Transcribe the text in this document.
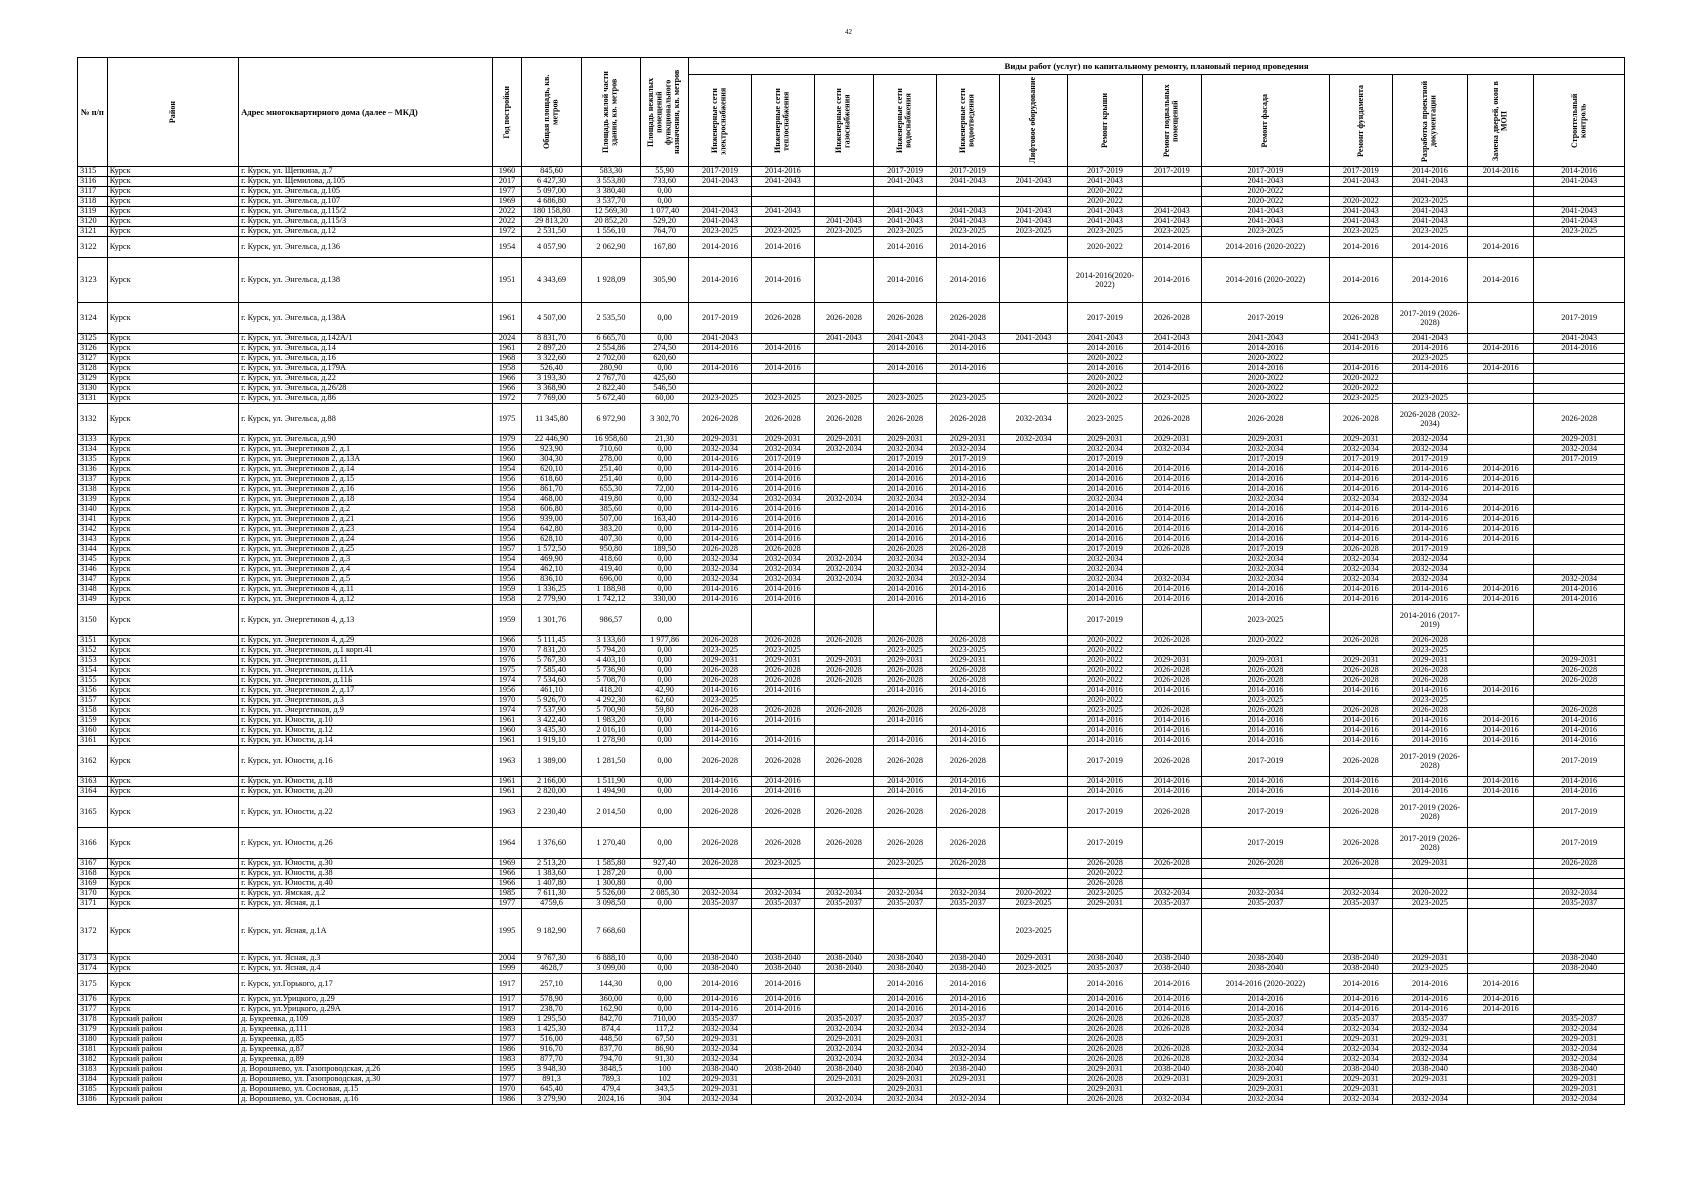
42
№ п/п	Район	Адрес многоквартирного дома (далее – МКД)	Год постройки	Общая площадь, кв. метров	Площадь жилой части здания, кв. метров	Площадь нежилых помещений функционального назначения, кв. метров	Виды работ (услуг) по капитальному ремонту, плановый период проведения												

							Инженерные сети электроснабжения	Инженерные сети теплоснабжения	Инженерные сети газоснабжения	Инженерные сети водоснабжения	Инженерные сети водоотведения	Лифтовое оборудование	Ремонт крыши	Ремонт подвальных помещений	Ремонт фасада	Ремонт фундамента	Разработка проектной документации	Замена дверей, окон в МОП	Строительный контроль

3115	Курск	г. Курск, ул. Щепкина, д.7	1960	845,60	583,30	55,90	2017-2019	2014-2016		2017-2019	2017-2019		2017-2019	2017-2019	2017-2019	2017-2019	2014-2016	2014-2016	2014-2016
3116	Курск	г. Курск, ул. Щемилова, д.105	2017	6 427,30	3 553,80	733,60	2041-2043	2041-2043		2041-2043	2041-2043	2041-2043	2041-2043		2041-2043	2041-2043	2041-2043		2041-2043
3117	Курск	г. Курск, ул. Энгельса, д.105	1977	5 097,00	3 380,40	0,00							2020-2022		2020-2022				
3118	Курск	г. Курск, ул. Энгельса, д.107	1969	4 686,80	3 537,70	0,00							2020-2022		2020-2022	2020-2022	2023-2025		
3119	Курск	г. Курск, ул. Энгельса, д.115/2	2022	180 158,80	12 569,30	1 077,40	2041-2043	2041-2043		2041-2043	2041-2043	2041-2043	2041-2043	2041-2043	2041-2043	2041-2043	2041-2043		2041-2043
3120	Курск	г. Курск, ул. Энгельса, д.115/3	2022	29 813,20	20 852,20	529,20	2041-2043		2041-2043	2041-2043	2041-2043	2041-2043	2041-2043	2041-2043	2041-2043	2041-2043	2041-2043		2041-2043
3121	Курск	г. Курск, ул. Энгельса, д.12	1972	2 531,50	1 556,10	764,70	2023-2025	2023-2025	2023-2025	2023-2025	2023-2025	2023-2025	2023-2025	2023-2025	2023-2025	2023-2025	2023-2025		2023-2025
3122	Курск	г. Курск, ул. Энгельса, д.136	1954	4 057,90	2 062,90	167,80	2014-2016	2014-2016		2014-2016	2014-2016		2020-2022	2014-2016	2014-2016 (2020-2022)	2014-2016	2014-2016	2014-2016	
3123	Курск	г. Курск, ул. Энгельса, д.138	1951	4 343,69	1 928,09	305,90	2014-2016	2014-2016		2014-2016	2014-2016		2014-2016(2020-2022)	2014-2016	2014-2016 (2020-2022)	2014-2016	2014-2016	2014-2016	
3124	Курск	г. Курск, ул. Энгельса, д.138А	1961	4 507,00	2 535,50	0,00	2017-2019	2026-2028	2026-2028	2026-2028	2026-2028		2017-2019	2026-2028	2017-2019	2026-2028	2017-2019 (2026-2028)		2017-2019
3125	Курск	г. Курск, ул. Энгельса, д.142А/1	2024	8 831,70	6 665,70	0,00	2041-2043		2041-2043	2041-2043	2041-2043	2041-2043	2041-2043	2041-2043	2041-2043	2041-2043	2041-2043		2041-2043
3126	Курск	г. Курск, ул. Энгельса, д.14	1961	2 897,20	2 554,86	274,50	2014-2016	2014-2016		2014-2016	2014-2016		2014-2016	2014-2016	2014-2016	2014-2016	2014-2016	2014-2016	2014-2016
3127	Курск	г. Курск, ул. Энгельса, д.16	1968	3 322,60	2 702,00	620,60							2020-2022		2020-2022		2023-2025		
3128	Курск	г. Курск, ул. Энгельса, д.179А	1958	526,40	280,90	0,00	2014-2016	2014-2016		2014-2016	2014-2016		2014-2016	2014-2016	2014-2016	2014-2016	2014-2016	2014-2016	
3129	Курск	г. Курск, ул. Энгельса, д.22	1966	3 193,30	2 767,70	425,60							2020-2022		2020-2022	2020-2022			
3130	Курск	г. Курск, ул. Энгельса, д.26/28	1966	3 368,90	2 822,40	546,50							2020-2022		2020-2022	2020-2022			
3131	Курск	г. Курск, ул. Энгельса, д.86	1972	7 769,00	5 672,40	60,00	2023-2025	2023-2025	2023-2025	2023-2025	2023-2025		2020-2022	2023-2025	2020-2022	2023-2025	2023-2025		
3132	Курск	г. Курск, ул. Энгельса, д.88	1975	11 345,80	6 972,90	3 302,70	2026-2028	2026-2028	2026-2028	2026-2028	2026-2028	2032-2034	2023-2025	2026-2028	2026-2028	2026-2028	2026-2028 (2032-2034)		2026-2028
3133	Курск	г. Курск, ул. Энгельса, д.90	1979	22 446,90	16 958,60	21,30	2029-2031	2029-2031	2029-2031	2029-2031	2029-2031	2032-2034	2029-2031	2029-2031	2029-2031	2029-2031	2032-2034		2029-2031
3134	Курск	г. Курск, ул. Энергетиков 2, д.1	1956	923,90	710,60	0,00	2032-2034	2032-2034	2032-2034	2032-2034	2032-2034		2032-2034	2032-2034	2032-2034	2032-2034	2032-2034		2032-2034
3135	Курск	г. Курск, ул. Энергетиков 2, д.13А	1960	304,30	278,00	0,00	2014-2016	2017-2019		2017-2019	2017-2019		2017-2019		2017-2019	2017-2019	2017-2019		2017-2019
3136	Курск	г. Курск, ул. Энергетиков 2, д.14	1954	620,10	251,40	0,00	2014-2016	2014-2016		2014-2016	2014-2016		2014-2016	2014-2016	2014-2016	2014-2016	2014-2016	2014-2016	
3137	Курск	г. Курск, ул. Энергетиков 2, д.15	1956	618,60	251,40	0,00	2014-2016	2014-2016		2014-2016	2014-2016		2014-2016	2014-2016	2014-2016	2014-2016	2014-2016	2014-2016	
3138	Курск	г. Курск, ул. Энергетиков 2, д.16	1956	861,70	655,30	72,00	2014-2016	2014-2016		2014-2016	2014-2016		2014-2016	2014-2016	2014-2016	2014-2016	2014-2016	2014-2016	
3139	Курск	г. Курск, ул. Энергетиков 2, д.18	1954	468,00	419,80	0,00	2032-2034	2032-2034	2032-2034	2032-2034	2032-2034		2032-2034		2032-2034	2032-2034	2032-2034		
3140	Курск	г. Курск, ул. Энергетиков 2, д.2	1958	606,80	385,60	0,00	2014-2016	2014-2016		2014-2016	2014-2016		2014-2016	2014-2016	2014-2016	2014-2016	2014-2016	2014-2016	
3141	Курск	г. Курск, ул. Энергетиков 2, д.21	1956	939,00	507,00	163,40	2014-2016	2014-2016		2014-2016	2014-2016		2014-2016	2014-2016	2014-2016	2014-2016	2014-2016	2014-2016	
3142	Курск	г. Курск, ул. Энергетиков 2, д.23	1954	642,80	383,20	0,00	2014-2016	2014-2016		2014-2016	2014-2016		2014-2016	2014-2016	2014-2016	2014-2016	2014-2016	2014-2016	
3143	Курск	г. Курск, ул. Энергетиков 2, д.24	1956	628,10	407,30	0,00	2014-2016	2014-2016		2014-2016	2014-2016		2014-2016	2014-2016	2014-2016	2014-2016	2014-2016	2014-2016	
3144	Курск	г. Курск, ул. Энергетиков 2, д.25	1957	1 572,50	950,80	189,50	2026-2028	2026-2028		2026-2028	2026-2028		2017-2019	2026-2028	2017-2019	2026-2028	2017-2019		
3145	Курск	г. Курск, ул. Энергетиков 2, д.3	1954	469,90	418,60	0,00	2032-2034	2032-2034	2032-2034	2032-2034	2032-2034		2032-2034		2032-2034	2032-2034	2032-2034		
3146	Курск	г. Курск, ул. Энергетиков 2, д.4	1954	462,10	419,40	0,00	2032-2034	2032-2034	2032-2034	2032-2034	2032-2034		2032-2034		2032-2034	2032-2034	2032-2034		
3147	Курск	г. Курск, ул. Энергетиков 2, д.5	1956	836,10	696,00	0,00	2032-2034	2032-2034	2032-2034	2032-2034	2032-2034		2032-2034	2032-2034	2032-2034	2032-2034	2032-2034		2032-2034
3148	Курск	г. Курск, ул. Энергетиков 4, д.11	1959	1 336,25	1 188,98	0,00	2014-2016	2014-2016		2014-2016	2014-2016		2014-2016	2014-2016	2014-2016	2014-2016	2014-2016	2014-2016	2014-2016
3149	Курск	г. Курск, ул. Энергетиков 4, д.12	1958	2 779,90	1 742,12	330,00	2014-2016	2014-2016		2014-2016	2014-2016		2014-2016	2014-2016	2014-2016	2014-2016	2014-2016	2014-2016	2014-2016
3150	Курск	г. Курск, ул. Энергетиков 4, д.13	1959	1 301,76	986,57	0,00							2017-2019		2023-2025		2014-2016 (2017-2019)		

3151	Курск	г. Курск, ул. Энергетиков 4, д.29	1966	5 111,45	3 133,60	1 977,86	2026-2028	2026-2028	2026-2028	2026-2028	2026-2028		2020-2022	2026-2028	2020-2022	2026-2028	2026-2028		
3152	Курск	г. Курск, ул. Энергетиков, д.1 корп.41	1970	7 831,20	5 794,20	0,00	2023-2025	2023-2025		2023-2025	2023-2025		2020-2022				2023-2025		
3153	Курск	г. Курск, ул. Энергетиков, д.11	1976	5 767,30	4 403,10	0,00	2029-2031	2029-2031	2029-2031	2029-2031	2029-2031		2020-2022	2029-2031	2029-2031	2029-2031	2029-2031		2029-2031
3154	Курск	г. Курск, ул. Энергетиков, д.11А	1975	7 585,40	5 736,90	0,00	2026-2028	2026-2028	2026-2028	2026-2028	2026-2028		2020-2022	2026-2028	2026-2028	2026-2028	2026-2028		2026-2028
3155	Курск	г. Курск, ул. Энергетиков, д.11Б	1974	7 534,60	5 708,70	0,00	2026-2028	2026-2028	2026-2028	2026-2028	2026-2028		2020-2022	2026-2028	2026-2028	2026-2028	2026-2028		2026-2028
3156	Курск	г. Курск, ул. Энергетиков 2, д.17	1956	461,10	418,20	42,90	2014-2016	2014-2016		2014-2016	2014-2016		2014-2016	2014-2016	2014-2016	2014-2016	2014-2016	2014-2016	
3157	Курск	г. Курск, ул. Энергетиков, д.3	1970	5 926,70	4 292,30	62,60	2023-2025						2020-2022		2023-2025		2023-2025		
3158	Курск	г. Курск, ул. Энергетиков, д.9	1974	7 537,90	5 700,90	59,80	2026-2028	2026-2028	2026-2028	2026-2028	2026-2028		2023-2025	2026-2028	2026-2028	2026-2028	2026-2028		2026-2028
3159	Курск	г. Курск, ул. Юности, д.10	1961	3 422,40	1 983,20	0,00	2014-2016	2014-2016		2014-2016			2014-2016	2014-2016	2014-2016	2014-2016	2014-2016	2014-2016	2014-2016
3160	Курск	г. Курск, ул. Юности, д.12	1960	3 435,30	2 016,10	0,00	2014-2016				2014-2016		2014-2016	2014-2016	2014-2016	2014-2016	2014-2016	2014-2016	2014-2016
3161	Курск	г. Курск, ул. Юности, д.14	1961	1 919,10	1 278,90	0,00	2014-2016	2014-2016		2014-2016	2014-2016		2014-2016	2014-2016	2014-2016	2014-2016	2014-2016	2014-2016	2014-2016
3162	Курск	г. Курск, ул. Юности, д.16	1963	1 389,00	1 281,50	0,00	2026-2028	2026-2028	2026-2028	2026-2028	2026-2028		2017-2019	2026-2028	2017-2019	2026-2028	2017-2019 (2026-2028)		2017-2019
3163	Курск	г. Курск, ул. Юности, д.18	1961	2 166,00	1 511,90	0,00	2014-2016	2014-2016		2014-2016	2014-2016		2014-2016	2014-2016	2014-2016	2014-2016	2014-2016	2014-2016	2014-2016
3164	Курск	г. Курск, ул. Юности, д.20	1961	2 820,00	1 494,90	0,00	2014-2016	2014-2016		2014-2016	2014-2016		2014-2016	2014-2016	2014-2016	2014-2016	2014-2016	2014-2016	2014-2016
3165	Курск	г. Курск, ул. Юности, д.22	1963	2 230,40	2 014,50	0,00	2026-2028	2026-2028	2026-2028	2026-2028	2026-2028		2017-2019	2026-2028	2017-2019	2026-2028	2017-2019 (2026-2028)		2017-2019
3166	Курск	г. Курск, ул. Юности, д.26	1964	1 376,60	1 270,40	0,00	2026-2028	2026-2028	2026-2028	2026-2028	2026-2028		2017-2019		2017-2019	2026-2028	2017-2019 (2026-2028)		2017-2019
3167	Курск	г. Курск, ул. Юности, д.30	1969	2 513,20	1 585,80	927,40	2026-2028	2023-2025		2023-2025	2026-2028		2026-2028	2026-2028	2026-2028	2026-2028	2029-2031		2026-2028
3168	Курск	г. Курск, ул. Юности, д.38	1966	1 383,60	1 287,20	0,00							2020-2022						
3169	Курск	г. Курск, ул. Юности, д.40	1966	1 407,80	1 300,80	0,00							2026-2028						
3170	Курск	г. Курск, ул. Ямская, д.2	1985	7 611,30	5 526,00	2 085,30	2032-2034	2032-2034	2032-2034	2032-2034	2032-2034	2020-2022	2023-2025	2032-2034	2032-2034	2032-2034	2020-2022		2032-2034
3171	Курск	г. Курск, ул. Ясная, д.1	1977	4759,6	3 098,50	0,00	2035-2037	2035-2037	2035-2037	2035-2037	2035-2037	2023-2025	2029-2031	2035-2037	2035-2037	2035-2037	2023-2025		2035-2037
3172	Курск	г. Курск, ул. Ясная, д.1А	1995	9 182,90	7 668,60							2023-2025							
3173	Курск	г. Курск, ул. Ясная, д.3	2004	9 767,30	6 888,10	0,00	2038-2040	2038-2040	2038-2040	2038-2040	2038-2040	2029-2031	2038-2040	2038-2040	2038-2040	2038-2040	2029-2031		2038-2040
3174	Курск	г. Курск, ул. Ясная, д.4	1999	4628,7	3 099,00	0,00	2038-2040	2038-2040	2038-2040	2038-2040	2038-2040	2023-2025	2035-2037	2038-2040	2038-2040	2038-2040	2023-2025		2038-2040
3175	Курск	г. Курск, ул.Горького, д.17	1917	257,10	144,30	0,00	2014-2016	2014-2016		2014-2016	2014-2016		2014-2016	2014-2016	2014-2016 (2020-2022)	2014-2016	2014-2016	2014-2016	
3176	Курск	г. Курск, ул.Урицкого, д.29	1917	578,90	360,00	0,00	2014-2016	2014-2016		2014-2016	2014-2016		2014-2016	2014-2016	2014-2016	2014-2016	2014-2016	2014-2016	
3177	Курск	г. Курск, ул.Урицкого, д.29А	1917	238,70	162,90	0,00	2014-2016	2014-2016		2014-2016	2014-2016		2014-2016	2014-2016	2014-2016	2014-2016	2014-2016	2014-2016	
3178	Курский район	д. Букреевка, д.109	1989	1 295,50	842,70	710,00	2035-2037		2035-2037	2035-2037	2035-2037		2026-2028	2026-2028	2035-2037	2035-2037	2035-2037		2035-2037
3179	Курский район	д. Букреевка, д.111	1983	1 425,30	874,4	117,2	2032-2034		2032-2034	2032-2034	2032-2034		2026-2028	2026-2028	2032-2034	2032-2034	2032-2034		2032-2034
3180	Курский район	д. Букреевка, д.85	1977	516,00	448,50	67,50	2029-2031		2029-2031	2029-2031			2026-2028		2029-2031	2029-2031	2029-2031		2029-2031
3181	Курский район	д. Букреевка, д.87	1986	916,70	837,70	86,90	2032-2034		2032-2034	2032-2034	2032-2034		2026-2028	2026-2028	2032-2034	2032-2034	2032-2034		2032-2034
3182	Курский район	д. Букреевка, д.89	1983	877,70	794,70	91,30	2032-2034		2032-2034	2032-2034	2032-2034		2026-2028	2026-2028	2032-2034	2032-2034	2032-2034		2032-2034
3183	Курский район	д. Ворошнево, ул. Газопроводская, д.26	1995	3 948,30	3848,5	100	2038-2040	2038-2040	2038-2040	2038-2040	2038-2040		2029-2031	2038-2040	2038-2040	2038-2040	2038-2040		2038-2040
3184	Курский район	д. Ворошнево, ул. Газопроводская, д.30	1977	891,3	789,3	102	2029-2031		2029-2031	2029-2031	2029-2031		2026-2028	2029-2031	2029-2031	2029-2031	2029-2031		2029-2031
3185	Курский район	д. Ворошнево, ул. Сосновая, д.15	1970	645,40	479,4	343,5	2029-2031			2029-2031			2029-2031		2029-2031	2029-2031			2029-2031
3186	Курский район	д. Ворошнево, ул. Сосновая, д.16	1986	3 279,90	2024,16	304	2032-2034		2032-2034	2032-2034	2032-2034		2026-2028	2032-2034	2032-2034	2032-2034	2032-2034		2032-2034
